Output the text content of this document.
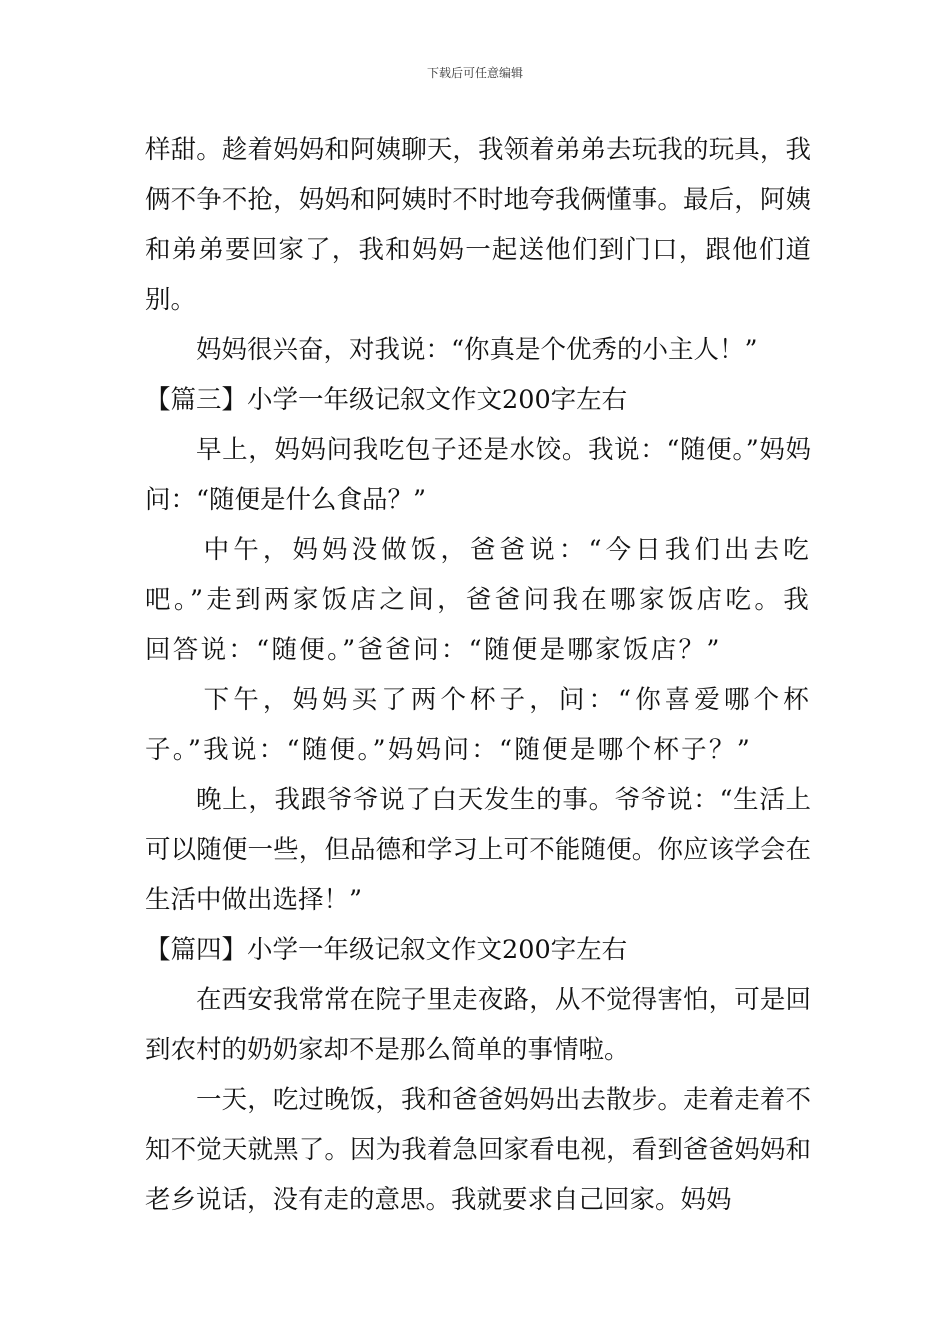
下载后可任意编辑

样甜。趁着妈妈和阿姨聊天，我领着弟弟去玩我的玩具，我俩不争不抢，妈妈和阿姨时不时地夸我俩懂事。最后，阿姨和弟弟要回家了，我和妈妈一起送他们到门口，跟他们道别。

妈妈很兴奋，对我说：“你真是个优秀的小主人！”

【篇三】小学一年级记叙文作文200字左右

早上，妈妈问我吃包子还是水饺。我说：“随便。”妈妈问：“随便是什么食品？”

中午，妈妈没做饭，爸爸说：“今日我们出去吃吧。”走到两家饭店之间，爸爸问我在哪家饭店吃。我回答说：“随便。”爸爸问：“随便是哪家饭店？”

下午，妈妈买了两个杯子，问：“你喜爱哪个杯子。”我说：“随便。”妈妈问：“随便是哪个杯子？”

晚上，我跟爷爷说了白天发生的事。爷爷说：“生活上可以随便一些，但品德和学习上可不能随便。你应该学会在生活中做出选择！”

【篇四】小学一年级记叙文作文200字左右

在西安我常常在院子里走夜路，从不觉得害怕，可是回到农村的奶奶家却不是那么简单的事情啦。

一天，吃过晚饭，我和爸爸妈妈出去散步。走着走着不知不觉天就黑了。因为我着急回家看电视，看到爸爸妈妈和老乡说话，没有走的意思。我就要求自己回家。妈妈
